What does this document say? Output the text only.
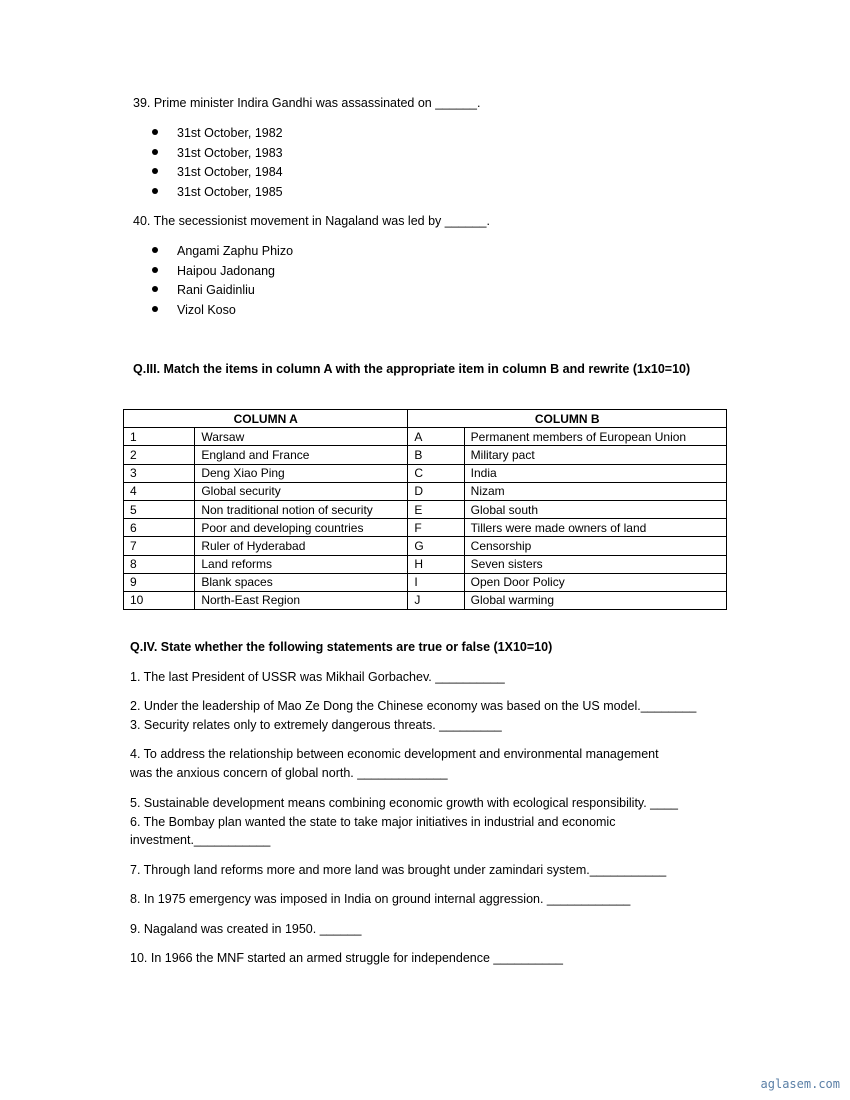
39. Prime minister Indira Gandhi was assassinated on ______.
31st October, 1982
31st October, 1983
31st October, 1984
31st October, 1985
40. The secessionist movement in Nagaland was led by ______.
Angami Zaphu Phizo
Haipou Jadonang
Rani Gaidinliu
Vizol Koso
Q.III. Match the items in column A with the appropriate item in column B and rewrite (1x10=10)
COLUMN A		COLUMN B	
1	Warsaw	A	Permanent members of European Union
2	England and France	B	Military pact
3	Deng Xiao Ping	C	India
4	Global security	D	Nizam
5	Non traditional notion of security	E	Global south
6	Poor and developing countries	F	Tillers were made owners of land
7	Ruler of Hyderabad	G	Censorship
8	Land reforms	H	Seven sisters
9	Blank spaces	I	Open Door Policy
10	North-East Region	J	Global warming
Q.IV. State whether the following statements are true or false (1X10=10)
1. The last President of USSR was Mikhail Gorbachev. __________
2. Under the leadership of Mao Ze Dong the Chinese economy was based on the US model.________
3. Security relates only to extremely dangerous threats. _________
4. To address the relationship between economic development and environmental management
was the anxious concern of global north. _____________
5. Sustainable development means combining economic growth with ecological responsibility. ____
6. The Bombay plan wanted the state to take major initiatives in industrial and economic
investment.___________
7. Through land reforms more and more land was brought under zamindari system.___________
8. In 1975 emergency was imposed in India on ground internal aggression. ____________
9. Nagaland was created in 1950. ______
10. In 1966 the MNF started an armed struggle for independence __________
aglasem.com
